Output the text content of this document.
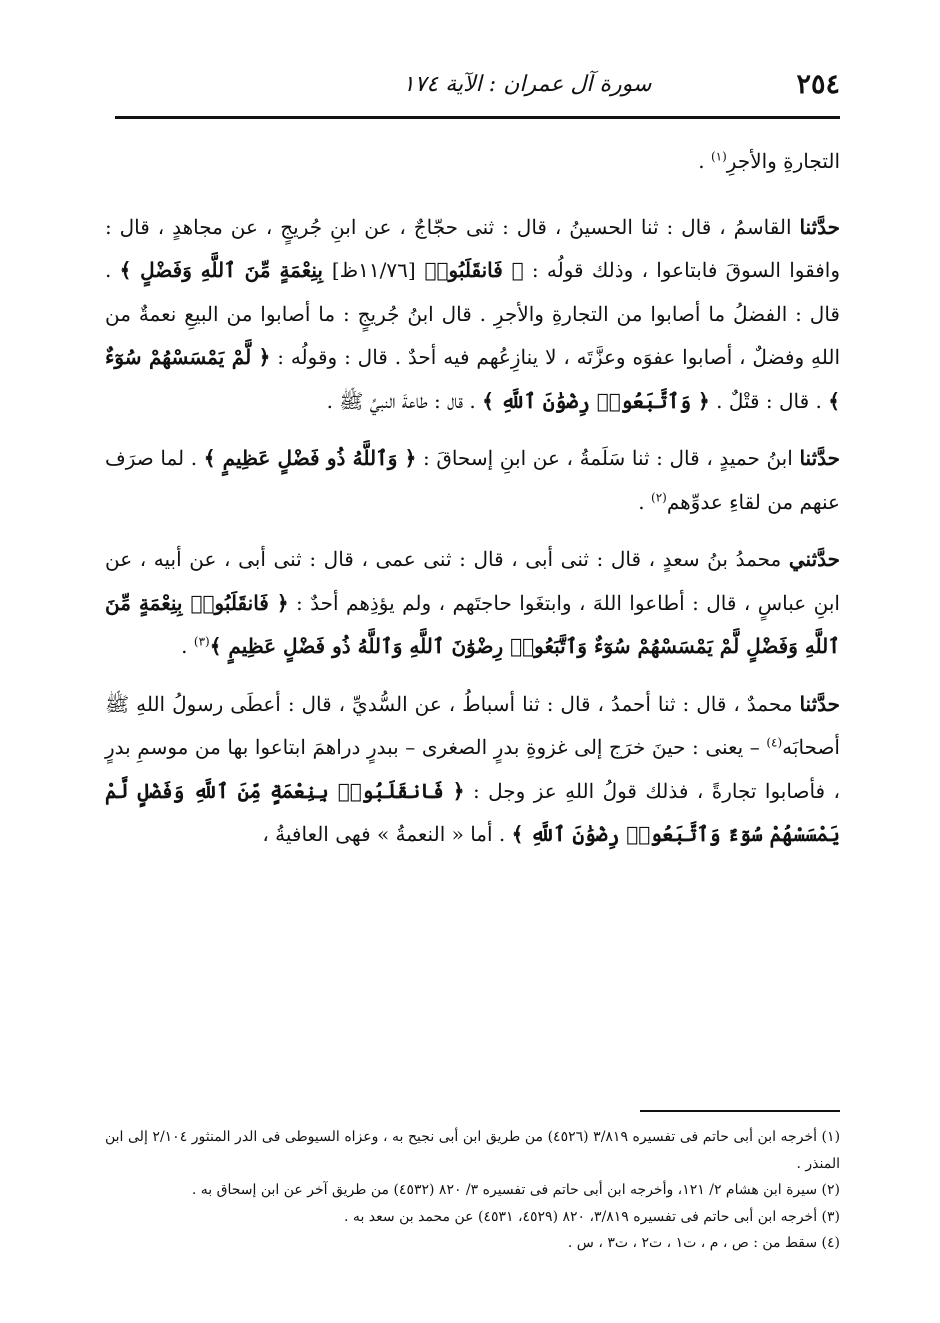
٢٥٤
سورة آل عمران : الآية ١٧٤

التجارةِ والأجرِ$^{(١)}$ .

حدَّثنا القاسمُ ، قال : ثنا الحسينُ ، قال : ثنى حجّاجٌ ، عن ابنِ جُريجٍ ، عن مجاهدٍ ، قال : وافقوا السوقَ فابتاعوا ، وذلك قولُه : ﴿ فَانقَلَبُوا۟ [١١/٧٦ظ] بِنِعْمَةٍ مِّنَ ٱللَّهِ وَفَضْلٍ ﴾ . قال : الفضلُ ما أصابوا من التجارةِ والأجرِ . قال ابنُ جُريجٍ : ما أصابوا من البيعِ نعمةٌ من اللهِ وفضلٌ ، أصابوا عفوَه وعزَّتَه ، لا ينازِعُهم فيه أحدٌ . قال : وقولُه : ﴿ لَّمْ يَمْسَسْهُمْ سُوٓءٌ ﴾ . قال : قتْلٌ . ﴿ وَٱتَّبَعُوا۟ رِضْوَٰنَ ٱللَّهِ ﴾ . قال : طاعةَ النبيِّ ﷺ .

حدَّثنا ابنُ حميدٍ ، قال : ثنا سَلَمةُ ، عن ابنِ إسحاقَ : ﴿ وَٱللَّهُ ذُو فَضْلٍ عَظِيمٍ ﴾ . لما صرَف عنهم من لقاءِ عدوِّهم$^{(٢)}$ .

حدَّثني محمدُ بنُ سعدٍ ، قال : ثنى أبى ، قال : ثنى عمى ، قال : ثنى أبى ، عن أبيه ، عن ابنِ عباسٍ ، قال : أطاعوا اللهَ ، وابتغَوا حاجتَهم ، ولم يؤذِهم أحدٌ : ﴿ فَانقَلَبُوا۟ بِنِعْمَةٍ مِّنَ ٱللَّهِ وَفَضْلٍ لَّمْ يَمْسَسْهُمْ سُوٓءٌ وَٱتَّبَعُوا۟ رِضْوَٰنَ ٱللَّهِ وَٱللَّهُ ذُو فَضْلٍ عَظِيمٍ ﴾$^{(٣)}$ .

حدَّثنا محمدٌ ، قال : ثنا أحمدُ ، قال : ثنا أسباطُ ، عن السُّديِّ ، قال : أعطَى رسولُ اللهِ ﷺ أصحابَه$^{(٤)}$ – يعنى : حينَ خرَج إلى غزوةِ بدرٍ الصغرى – ببدرٍ دراهمَ ابتاعوا بها من موسمِ بدرٍ ، فأصابوا تجارةً ، فذلك قولُ اللهِ عز وجل : ﴿ فَانقَلَبُوا۟ بِنِعْمَةٍ مِّنَ ٱللَّهِ وَفَضْلٍ لَّمْ يَمْسَسْهُمْ سُوٓءٌ وَٱتَّبَعُوا۟ رِضْوَٰنَ ٱللَّهِ ﴾ . أما « النعمةُ » فهى العافيةُ ،

(١) أخرجه ابن أبى حاتم فى تفسيره ٣/٨١٩ (٤٥٢٦) من طريق ابن أبى نجيح به ، وعزاه السيوطى فى الدر المنثور ٢/١٠٤ إلى ابن المنذر .

(٢) سيرة ابن هشام ٢/ ١٢١، وأخرجه ابن أبى حاتم فى تفسيره ٣/ ٨٢٠ (٤٥٣٢) من طريق آخر عن ابن إسحاق به .

(٣) أخرجه ابن أبى حاتم فى تفسيره ٣/٨١٩، ٨٢٠ (٤٥٢٩، ٤٥٣١) عن محمد بن سعد به .

(٤) سقط من : ص ، م ، ت١ ، ت٢ ، ت٣ ، س .
